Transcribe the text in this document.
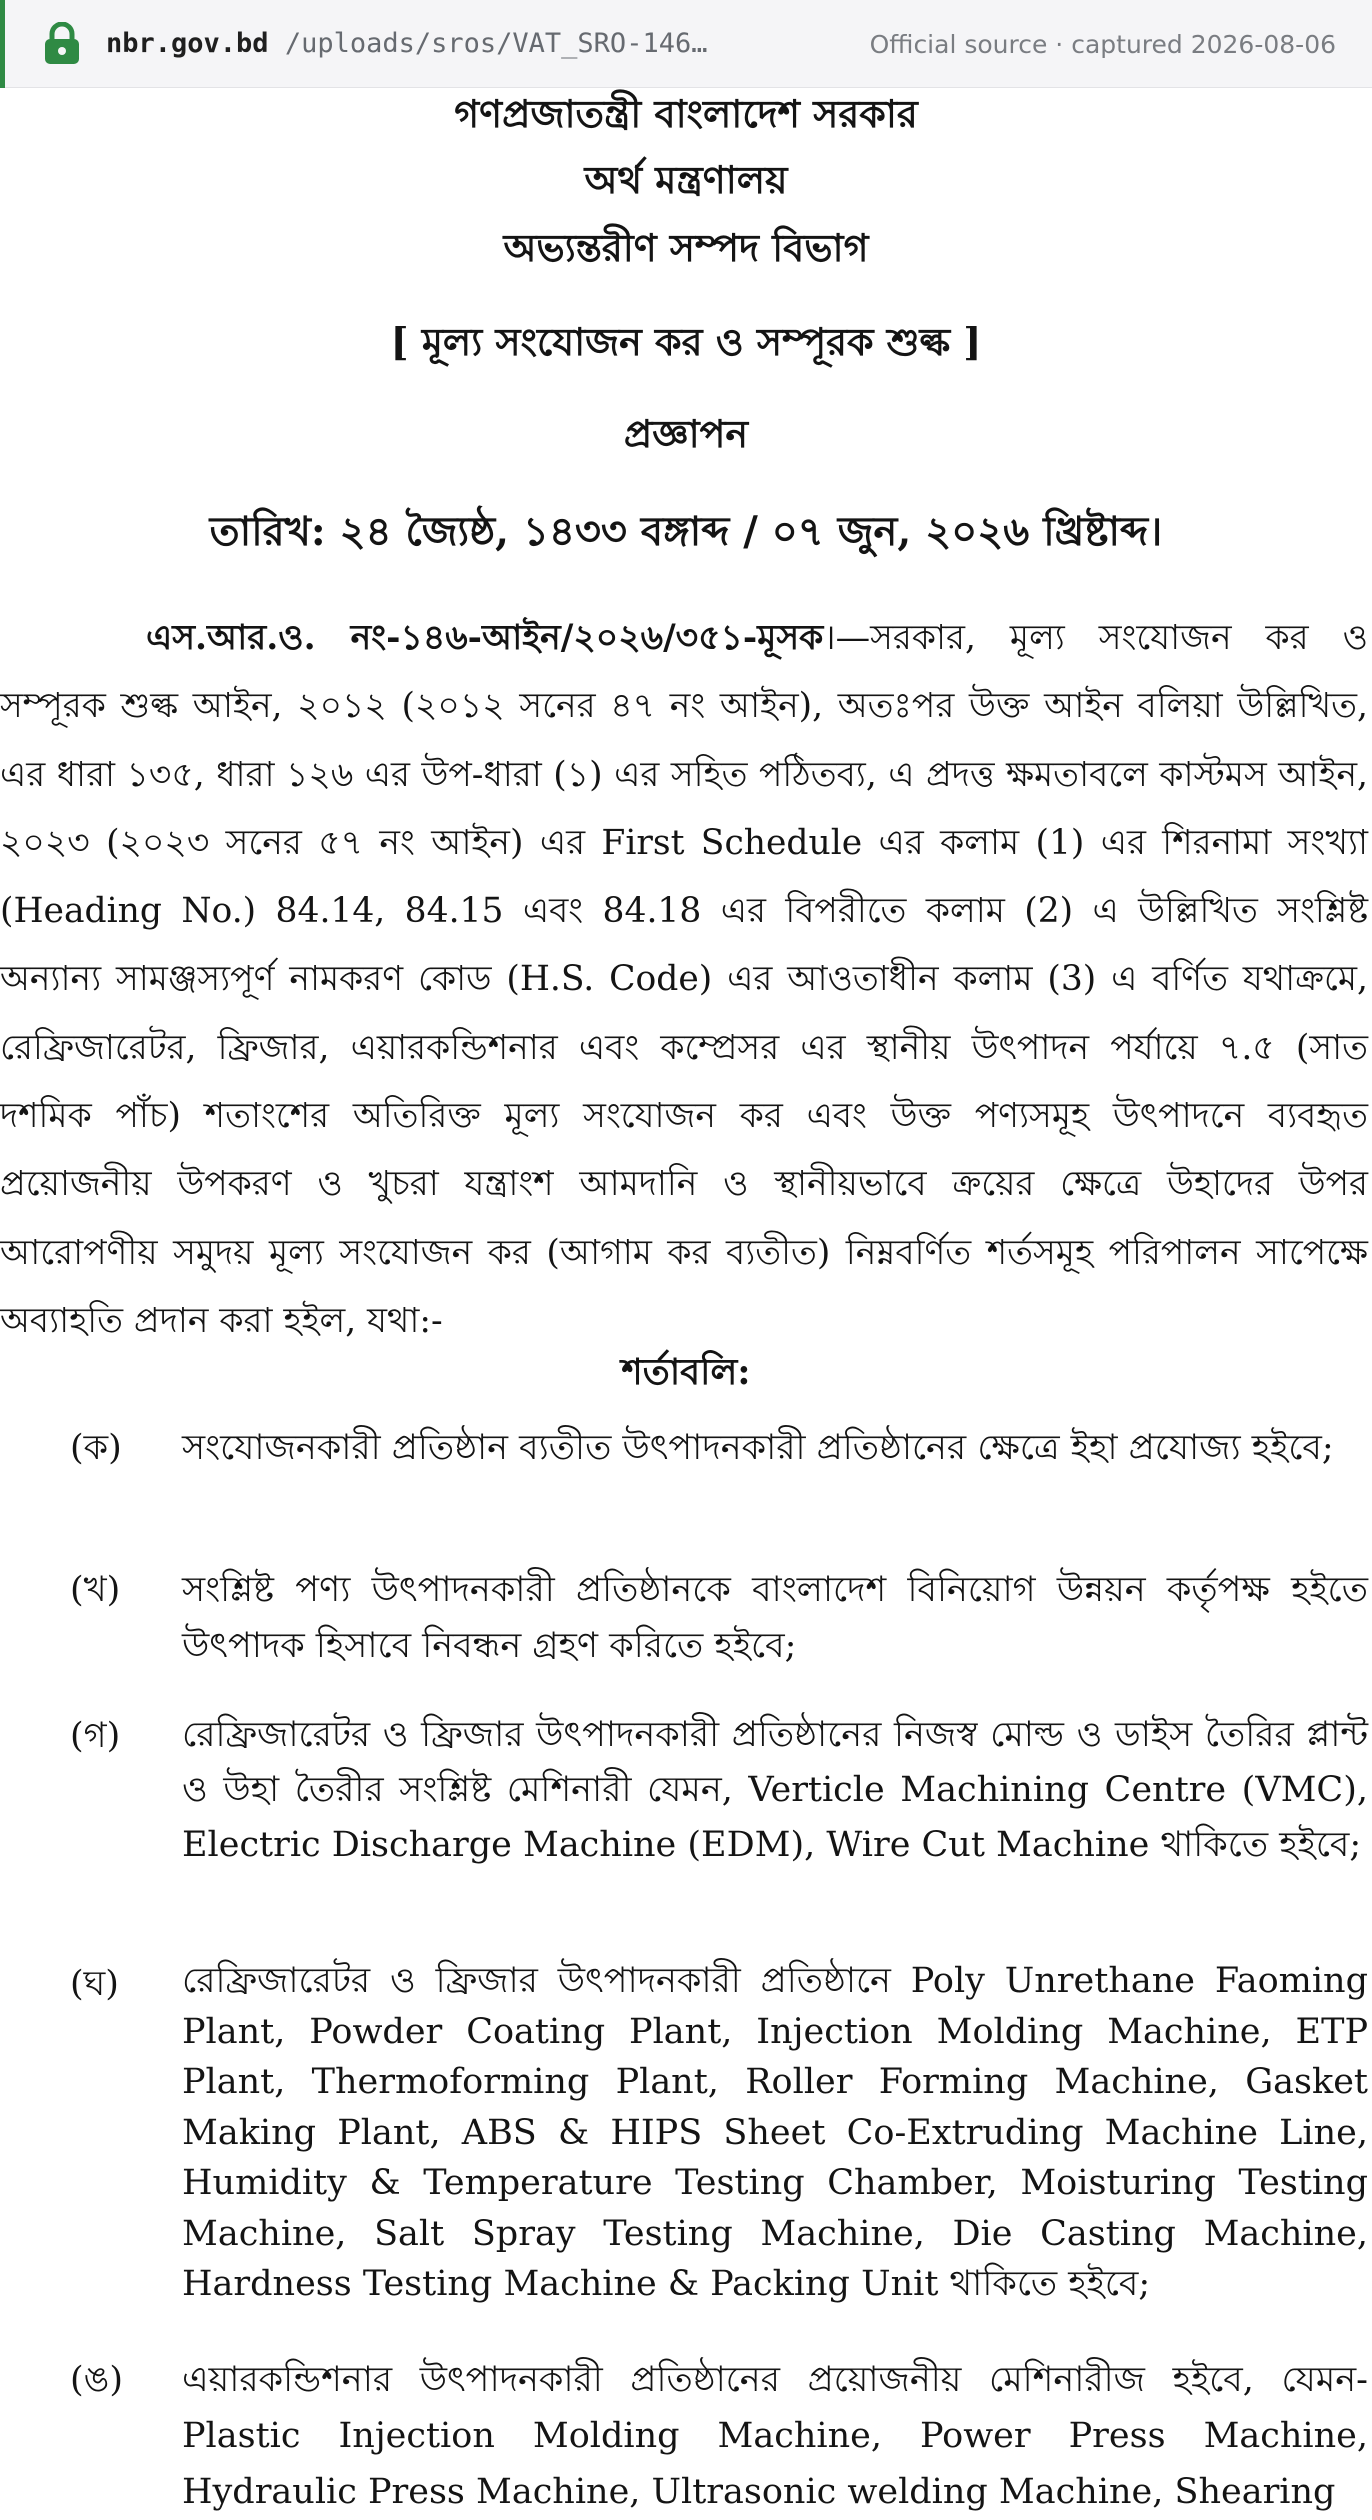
nbr.gov.bd /uploads/sros/VAT_SRO-146…	Official source · captured 2026-08-06
গণপ্রজাতন্ত্রী বাংলাদেশ সরকার
অর্থ মন্ত্রণালয়
অভ্যন্তরীণ সম্পদ বিভাগ
[ মূল্য সংযোজন কর ও সম্পূরক শুল্ক ]
প্রজ্ঞাপন
তারিখ: ২৪ জ্যৈষ্ঠ, ১৪৩৩ বঙ্গাব্দ / ০৭ জুন, ২০২৬ খ্রিষ্টাব্দ।
এস.আর.ও. নং-১৪৬-আইন/২০২৬/৩৫১-মূসক।—সরকার, মূল্য সংযোজন কর ও সম্পূরক শুল্ক আইন, ২০১২ (২০১২ সনের ৪৭ নং আইন), অতঃপর উক্ত আইন বলিয়া উল্লিখিত, এর ধারা ১৩৫, ধারা ১২৬ এর উপ-ধারা (১) এর সহিত পঠিতব্য, এ প্রদত্ত ক্ষমতাবলে কাস্টমস আইন, ২০২৩ (২০২৩ সনের ৫৭ নং আইন) এর First Schedule এর কলাম (1) এর শিরনামা সংখ্যা (Heading No.) 84.14, 84.15 এবং 84.18 এর বিপরীতে কলাম (2) এ উল্লিখিত সংশ্লিষ্ট অন্যান্য সামঞ্জস্যপূর্ণ নামকরণ কোড (H.S. Code) এর আওতাধীন কলাম (3) এ বর্ণিত যথাক্রমে, রেফ্রিজারেটর, ফ্রিজার, এয়ারকন্ডিশনার এবং কম্প্রেসর এর স্থানীয় উৎপাদন পর্যায়ে ৭.৫ (সাত দশমিক পাঁচ) শতাংশের অতিরিক্ত মূল্য সংযোজন কর এবং উক্ত পণ্যসমূহ উৎপাদনে ব্যবহৃত প্রয়োজনীয় উপকরণ ও খুচরা যন্ত্রাংশ আমদানি ও স্থানীয়ভাবে ক্রয়ের ক্ষেত্রে উহাদের উপর আরোপণীয় সমুদয় মূল্য সংযোজন কর (আগাম কর ব্যতীত) নিম্নবর্ণিত শর্তসমূহ পরিপালন সাপেক্ষে অব্যাহতি প্রদান করা হইল, যথা:-
শর্তাবলি:
(ক) সংযোজনকারী প্রতিষ্ঠান ব্যতীত উৎপাদনকারী প্রতিষ্ঠানের ক্ষেত্রে ইহা প্রযোজ্য হইবে;
(খ) সংশ্লিষ্ট পণ্য উৎপাদনকারী প্রতিষ্ঠানকে বাংলাদেশ বিনিয়োগ উন্নয়ন কর্তৃপক্ষ হইতে উৎপাদক হিসাবে নিবন্ধন গ্রহণ করিতে হইবে;
(গ) রেফ্রিজারেটর ও ফ্রিজার উৎপাদনকারী প্রতিষ্ঠানের নিজস্ব মোল্ড ও ডাইস তৈরির প্লান্ট ও উহা তৈরীর সংশ্লিষ্ট মেশিনারী যেমন, Verticle Machining Centre (VMC), Electric Discharge Machine (EDM), Wire Cut Machine থাকিতে হইবে;
(ঘ) রেফ্রিজারেটর ও ফ্রিজার উৎপাদনকারী প্রতিষ্ঠানে Poly Unrethane Faoming Plant, Powder Coating Plant, Injection Molding Machine, ETP Plant, Thermoforming Plant, Roller Forming Machine, Gasket Making Plant, ABS & HIPS Sheet Co-Extruding Machine Line, Humidity & Temperature Testing Chamber, Moisturing Testing Machine, Salt Spray Testing Machine, Die Casting Machine, Hardness Testing Machine & Packing Unit থাকিতে হইবে;
(ঙ) এয়ারকন্ডিশনার উৎপাদনকারী প্রতিষ্ঠানের প্রয়োজনীয় মেশিনারীজ হইবে, যেমন- Plastic Injection Molding Machine, Power Press Machine, Hydraulic Press Machine, Ultrasonic welding Machine, Shearing
